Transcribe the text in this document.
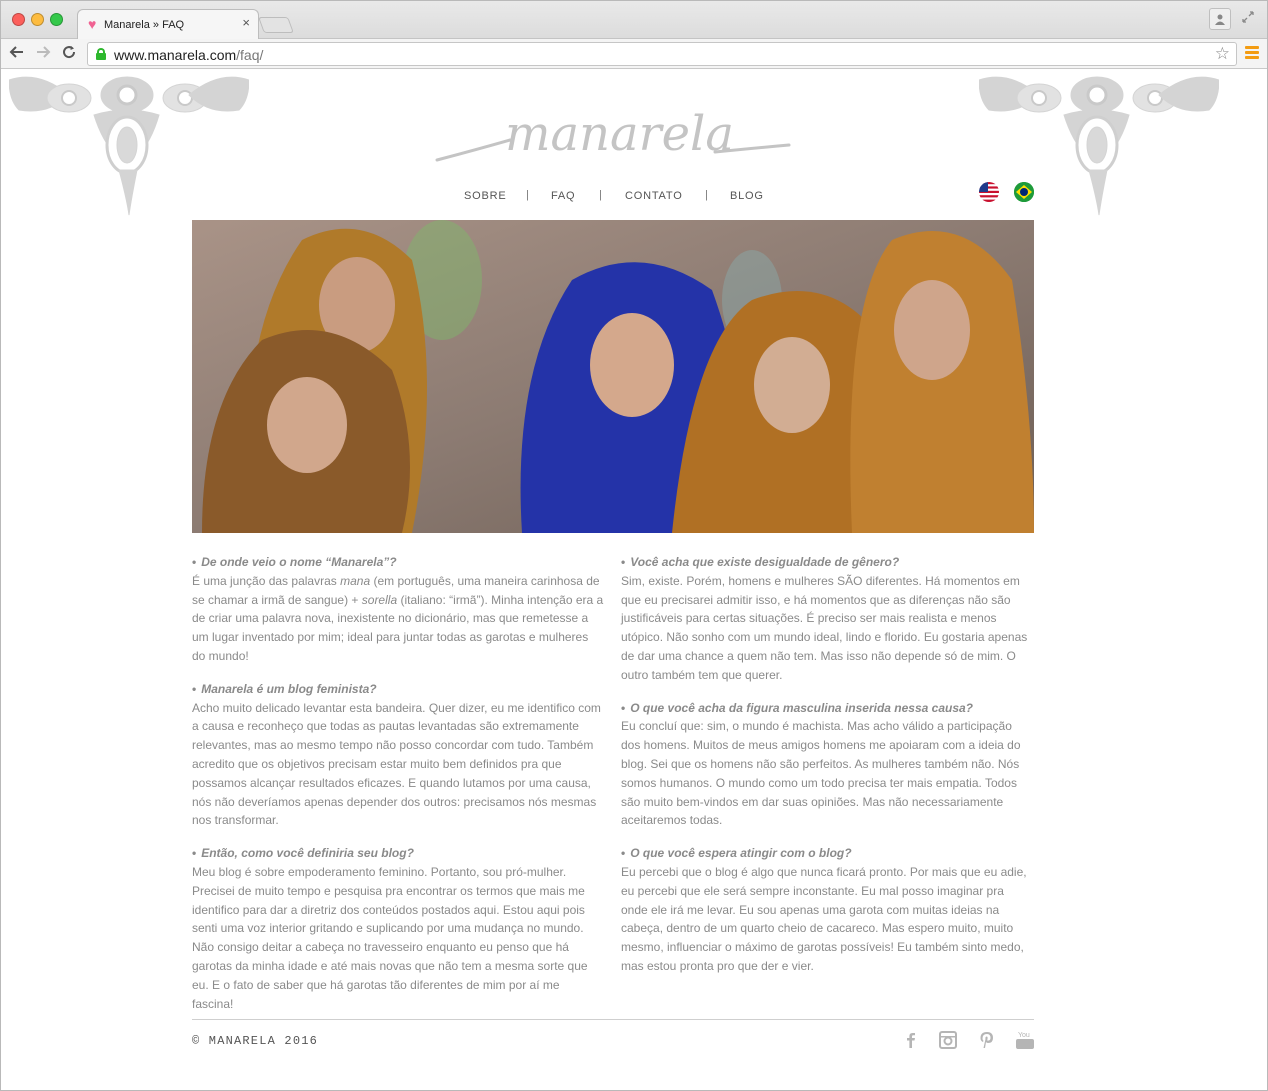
♥ Manarela » FAQ	×
www.manarela.com/faq/	☆
manarela
SOBRE | FAQ | CONTATO | BLOG
• De onde veio o nome “Manarela”?
É uma junção das palavras mana (em português, uma maneira carinhosa de se chamar a irmã de sangue) + sorella (italiano: “irmã”). Minha intenção era a de criar uma palavra nova, inexistente no dicionário, mas que remetesse a um lugar inventado por mim; ideal para juntar todas as garotas e mulheres do mundo!
• Manarela é um blog feminista?
Acho muito delicado levantar esta bandeira. Quer dizer, eu me identifico com a causa e reconheço que todas as pautas levantadas são extremamente relevantes, mas ao mesmo tempo não posso concordar com tudo. Também acredito que os objetivos precisam estar muito bem definidos pra que possamos alcançar resultados eficazes. E quando lutamos por uma causa, nós não deveríamos apenas depender dos outros: precisamos nós mesmas nos transformar.
• Então, como você definiria seu blog?
Meu blog é sobre empoderamento feminino. Portanto, sou pró-mulher. Precisei de muito tempo e pesquisa pra encontrar os termos que mais me identifico para dar a diretriz dos conteúdos postados aqui. Estou aqui pois senti uma voz interior gritando e suplicando por uma mudança no mundo. Não consigo deitar a cabeça no travesseiro enquanto eu penso que há garotas da minha idade e até mais novas que não tem a mesma sorte que eu. E o fato de saber que há garotas tão diferentes de mim por aí me fascina!
• Você acha que existe desigualdade de gênero?
Sim, existe. Porém, homens e mulheres SÃO diferentes. Há momentos em que eu precisarei admitir isso, e há momentos que as diferenças não são justificáveis para certas situações. É preciso ser mais realista e menos utópico. Não sonho com um mundo ideal, lindo e florido. Eu gostaria apenas de dar uma chance a quem não tem. Mas isso não depende só de mim. O outro também tem que querer.
• O que você acha da figura masculina inserida nessa causa?
Eu concluí que: sim, o mundo é machista. Mas acho válido a participação dos homens. Muitos de meus amigos homens me apoiaram com a ideia do blog. Sei que os homens não são perfeitos. As mulheres também não. Nós somos humanos. O mundo como um todo precisa ter mais empatia. Todos são muito bem-vindos em dar suas opiniões. Mas não necessariamente aceitaremos todas.
• O que você espera atingir com o blog?
Eu percebi que o blog é algo que nunca ficará pronto. Por mais que eu adie, eu percebi que ele será sempre inconstante. Eu mal posso imaginar pra onde ele irá me levar. Eu sou apenas uma garota com muitas ideias na cabeça, dentro de um quarto cheio de cacareco. Mas espero muito, muito mesmo, influenciar o máximo de garotas possíveis! Eu também sinto medo, mas estou pronta pro que der e vier.
© MANARELA 2016	You
